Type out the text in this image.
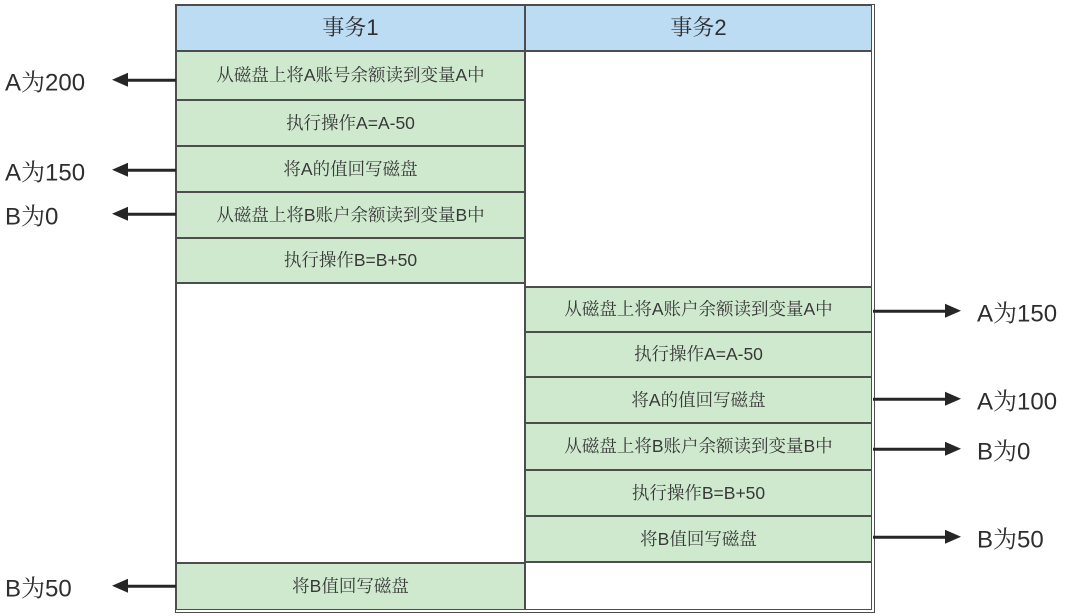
事务1	事务2
从磁盘上将A账号余额读到变量A中
执行操作A=A-50
将A的值回写磁盘
从磁盘上将B账户余额读到变量B中
执行操作B=B+50
将B值回写磁盘
从磁盘上将A账户余额读到变量A中
执行操作A=A-50
将A的值回写磁盘
从磁盘上将B账户余额读到变量B中
执行操作B=B+50
将B值回写磁盘
A为200
A为150
B为0
B为50
A为150
A为100
B为0
B为50
